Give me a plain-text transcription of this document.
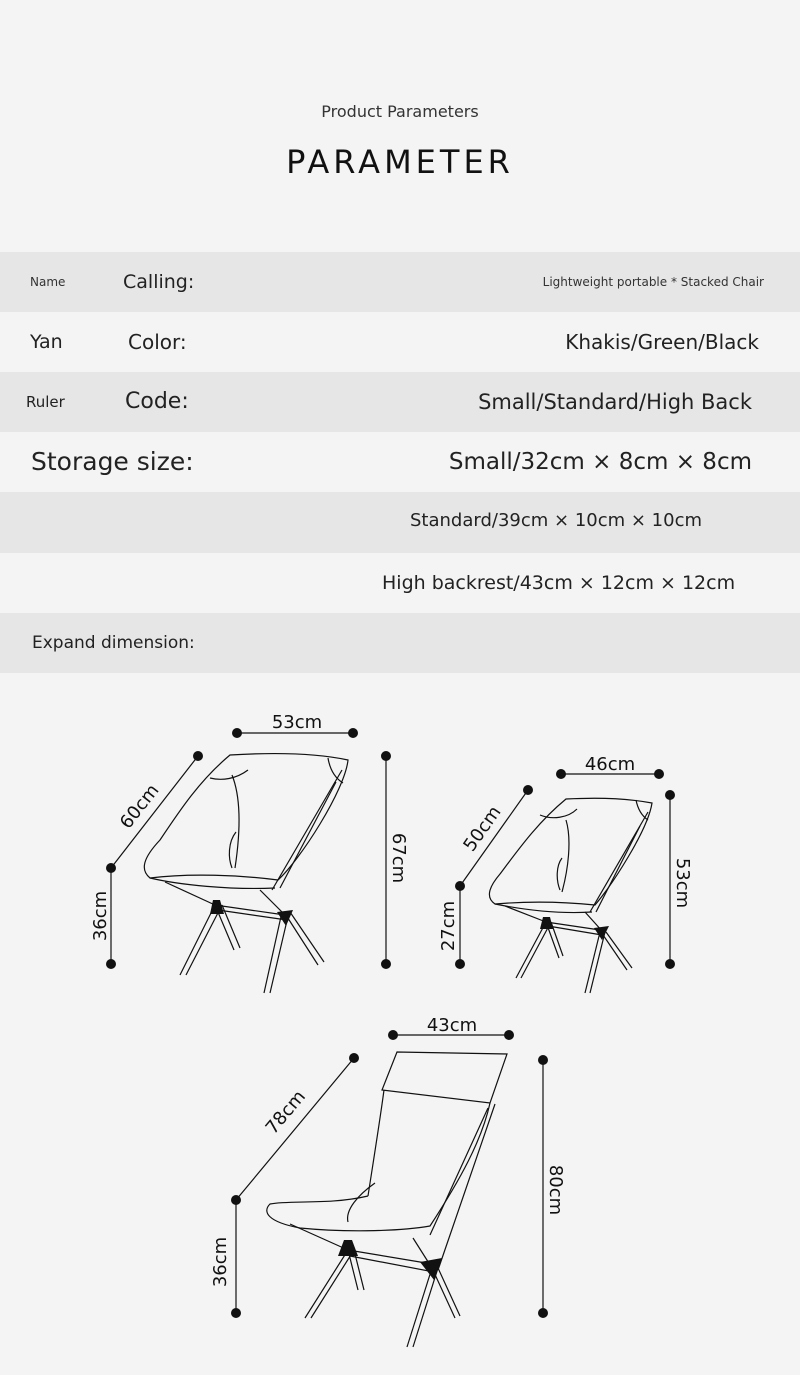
Product Parameters
PARAMETER
Name	Calling:	Lightweight portable * Stacked Chair
Yan	Color:	Khakis/Green/Black
Ruler	Code:	Small/Standard/High Back
Storage size:	Small/32cm × 8cm × 8cm
Standard/39cm × 10cm × 10cm
High backrest/43cm × 12cm × 12cm
Expand dimension:
53cm
60cm
36cm
67cm
46cm
50cm
27cm
53cm
43cm
78cm
36cm
80cm
